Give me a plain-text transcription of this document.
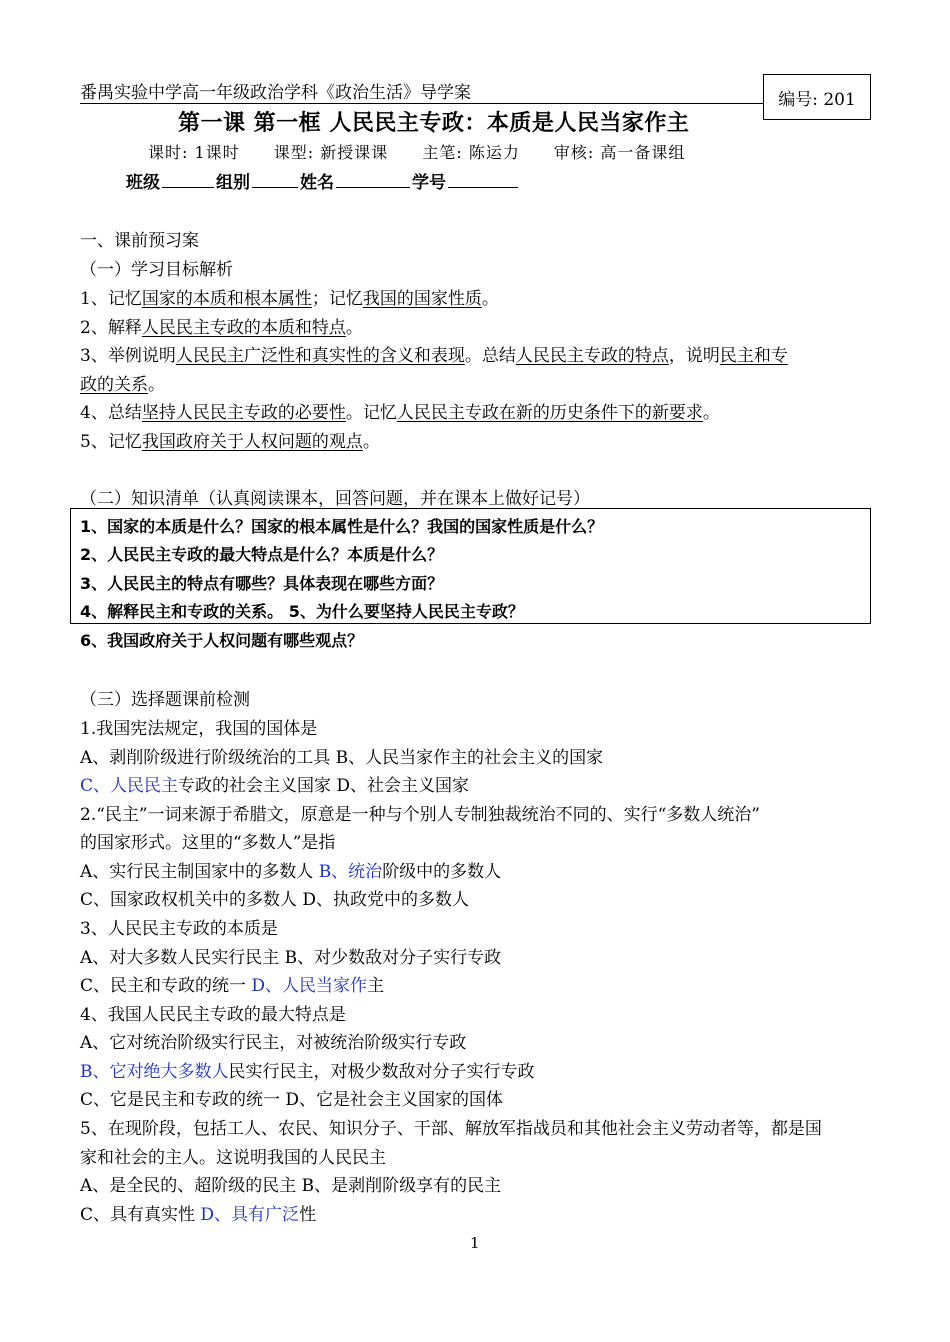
番禺实验中学高一年级政治学科《政治生活》导学案	编号: 201
第一课 第一框 人民民主专政：本质是人民当家作主
课时: 1课时 课型: 新授课课 主笔: 陈运力 审核: 高一备课组
班级	组别	姓名	学号
一、课前预习案
（一）学习目标解析
1、记忆国家的本质和根本属性；记忆我国的国家性质。
2、解释人民民主专政的本质和特点。
3、举例说明人民民主广泛性和真实性的含义和表现。总结人民民主专政的特点，说明民主和专
政的关系。
4、总结坚持人民民主专政的必要性。记忆人民民主专政在新的历史条件下的新要求。
5、记忆我国政府关于人权问题的观点。
（二）知识清单（认真阅读课本，回答问题，并在课本上做好记号）
1、国家的本质是什么？国家的根本属性是什么？我国的国家性质是什么？
2、人民民主专政的最大特点是什么？本质是什么？
3、人民民主的特点有哪些？具体表现在哪些方面？
4、解释民主和专政的关系。 5、为什么要坚持人民民主专政？
6、我国政府关于人权问题有哪些观点？
（三）选择题课前检测
1.我国宪法规定，我国的国体是
A、剥削阶级进行阶级统治的工具 B、人民当家作主的社会主义的国家
C、人民民主专政的社会主义国家 D、社会主义国家
2.“民主”一词来源于希腊文，原意是一种与个别人专制独裁统治不同的、实行“多数人统治”
的国家形式。这里的“多数人”是指
A、实行民主制国家中的多数人 B、统治阶级中的多数人
C、国家政权机关中的多数人 D、执政党中的多数人
3、人民民主专政的本质是
A、对大多数人民实行民主 B、对少数敌对分子实行专政
C、民主和专政的统一 D、人民当家作主
4、我国人民民主专政的最大特点是
A、它对统治阶级实行民主，对被统治阶级实行专政
B、它对绝大多数人民实行民主，对极少数敌对分子实行专政
C、它是民主和专政的统一 D、它是社会主义国家的国体
5、在现阶段，包括工人、农民、知识分子、干部、解放军指战员和其他社会主义劳动者等，都是国
家和社会的主人。这说明我国的人民民主
A、是全民的、超阶级的民主 B、是剥削阶级享有的民主
C、具有真实性 D、具有广泛性
1
